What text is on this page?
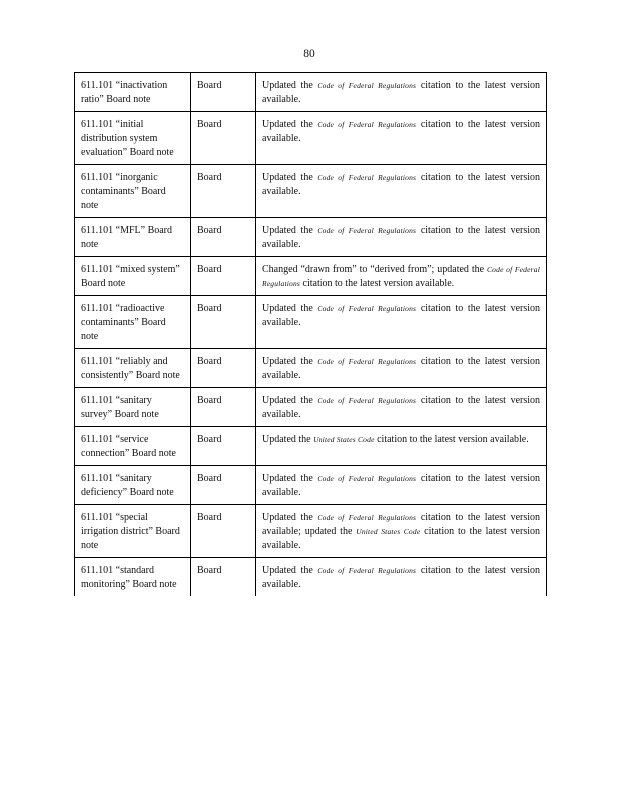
80
611.101 “inactivation ratio” Board note	Board	Updated the Code of Federal Regulations citation to the latest version available.
611.101 “initial distribution system evaluation” Board note	Board	Updated the Code of Federal Regulations citation to the latest version available.
611.101 “inorganic contaminants” Board note	Board	Updated the Code of Federal Regulations citation to the latest version available.
611.101 “MFL” Board note	Board	Updated the Code of Federal Regulations citation to the latest version available.
611.101 “mixed system” Board note	Board	Changed “drawn from” to “derived from”; updated the Code of Federal Regulations citation to the latest version available.
611.101 “radioactive contaminants” Board note	Board	Updated the Code of Federal Regulations citation to the latest version available.
611.101 “reliably and consistently” Board note	Board	Updated the Code of Federal Regulations citation to the latest version available.
611.101 “sanitary survey” Board note	Board	Updated the Code of Federal Regulations citation to the latest version available.
611.101 “service connection” Board note	Board	Updated the United States Code citation to the latest version available.
611.101 “sanitary deficiency” Board note	Board	Updated the Code of Federal Regulations citation to the latest version available.
611.101 “special irrigation district” Board note	Board	Updated the Code of Federal Regulations citation to the latest version available; updated the United States Code citation to the latest version available.
611.101 “standard monitoring” Board note	Board	Updated the Code of Federal Regulations citation to the latest version available.
